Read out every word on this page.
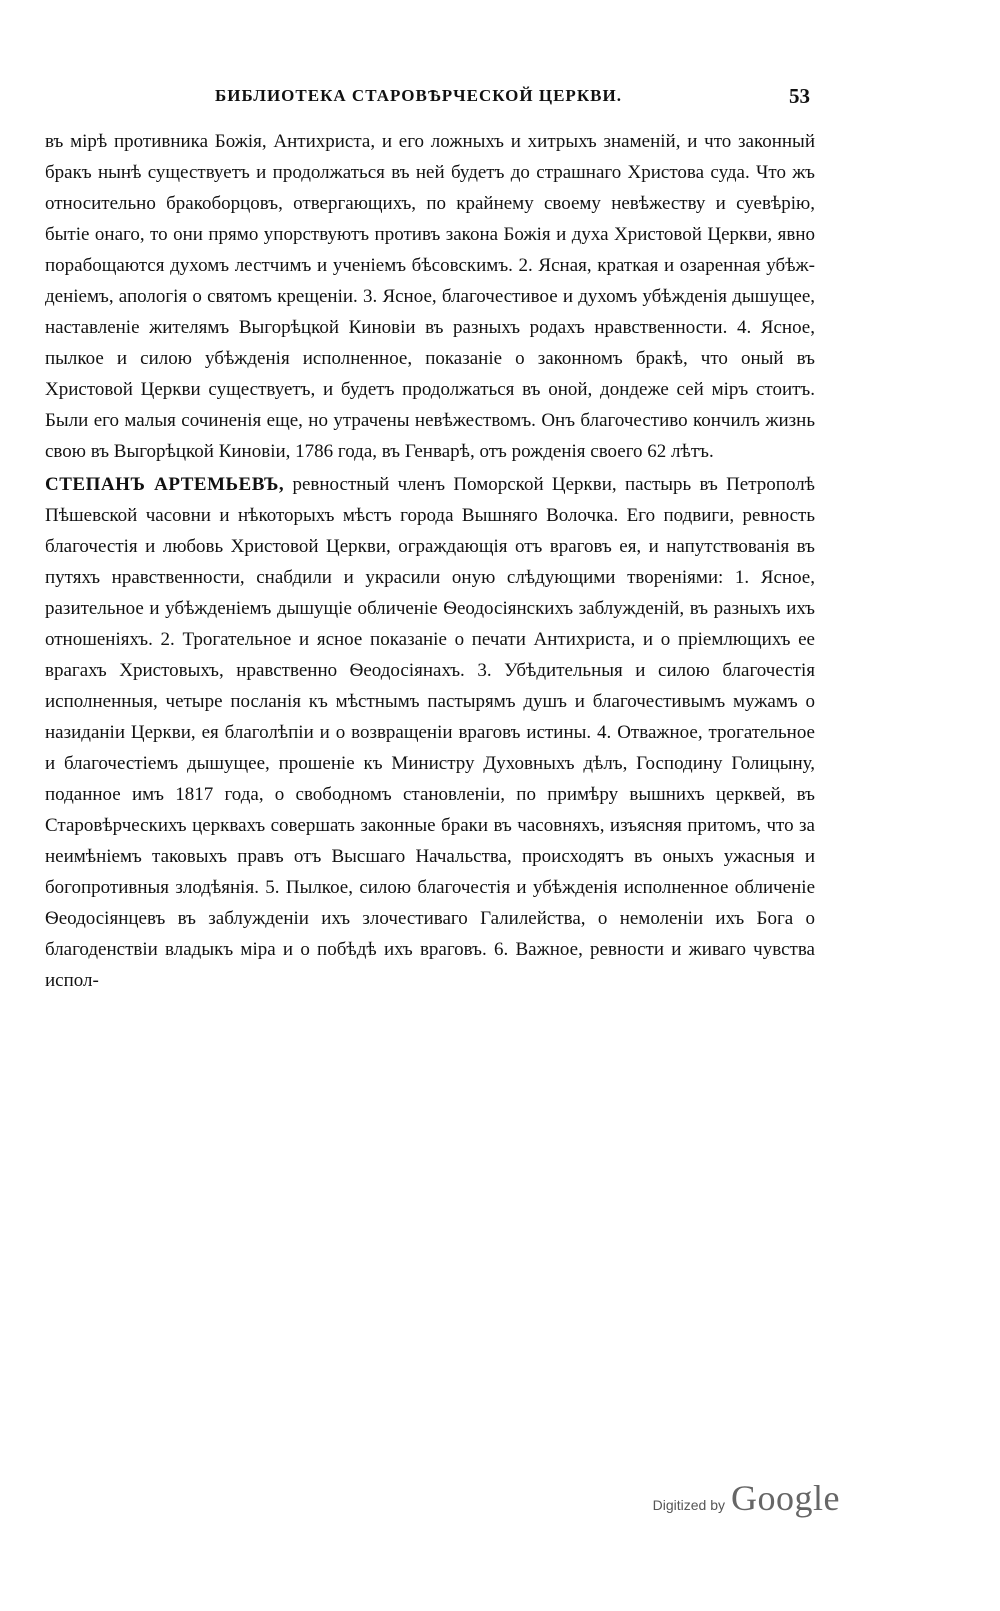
БИБЛИОТЕКА СТАРОВѢРЧЕСКОЙ ЦЕРКВИ.	53

въ мірѣ противника Божія, Антихриста, и его ложныхъ и хитрыхъ знаменій, и что законный бракъ нынѣ существуетъ и продолжаться въ ней будетъ до страшнаго Христова суда. Что жъ относительно бракоборцовъ, отвергающихъ, по крайнему своему невѣжеству и суевѣрію, бытіе онаго, то они прямо упорствуютъ противъ закона Божія и духа Христовой Церкви, явно порабощаются духомъ лестчимъ и ученіемъ бѣсовскимъ. 2. Ясная, краткая и озаренная убѣжденіемъ, апологія о святомъ крещеніи. 3. Ясное, благочестивое и духомъ убѣжденія дышущее, наставленіе жителямъ Выгорѣцкой Киновіи въ разныхъ родахъ нравственности. 4. Ясное, пылкое и силою убѣжденія исполненное, показаніе о законномъ бракѣ, что оный въ Христовой Церкви существуетъ, и будетъ продолжаться въ оной, дондеже сей міръ стоитъ. Были его малыя сочиненія еще, но утрачены невѣжествомъ. Онъ благочестиво кончилъ жизнь свою въ Выгорѣцкой Киновіи, 1786 года, въ Генварѣ, отъ рожденія своего 62 лѣтъ.

СТЕПАНЪ АРТЕМЬЕВЪ, ревностный членъ Поморской Церкви, пастырь въ Петрополѣ Пѣшевской часовни и нѣкоторыхъ мѣстъ города Вышняго Волочка. Его подвиги, ревность благочестія и любовь Христовой Церкви, ограждающія отъ враговъ ея, и напутствованія въ путяхъ нравственности, снабдили и украсили оную слѣдующими твореніями: 1. Ясное, разительное и убѣжденіемъ дышущіе обличеніе Ѳеодосіянскихъ заблужденій, въ разныхъ ихъ отношеніяхъ. 2. Трогательное и ясное показаніе о печати Антихриста, и о пріемлющихъ ее врагахъ Христовыхъ, нравственно Ѳеодосіянахъ. 3. Убѣдительныя и силою благочестія исполненныя, четыре посланія къ мѣстнымъ пастырямъ душъ и благочестивымъ мужамъ о назиданіи Церкви, ея благолѣпіи и о возвращеніи враговъ истины. 4. Отважное, трогательное и благочестіемъ дышущее, прошеніе къ Министру Духовныхъ дѣлъ, Господину Голицыну, поданное имъ 1817 года, о свободномъ становленіи, по примѣру вышнихъ церквей, въ Старовѣрческихъ церквахъ совершать законные браки въ часовняхъ, изъясняя притомъ, что за неимѣніемъ таковыхъ правъ отъ Высшаго Начальства, происходятъ въ оныхъ ужасныя и богопротивныя злодѣянія. 5. Пылкое, силою благочестія и убѣжденія исполненное обличеніе Ѳеодосіянцевъ въ заблужденіи ихъ злочестиваго Галилейства, о немоленіи ихъ Бога о благоденствіи владыкъ міра и о побѣдѣ ихъ враговъ. 6. Важное, ревности и живаго чувства испол-

Digitized by Google
